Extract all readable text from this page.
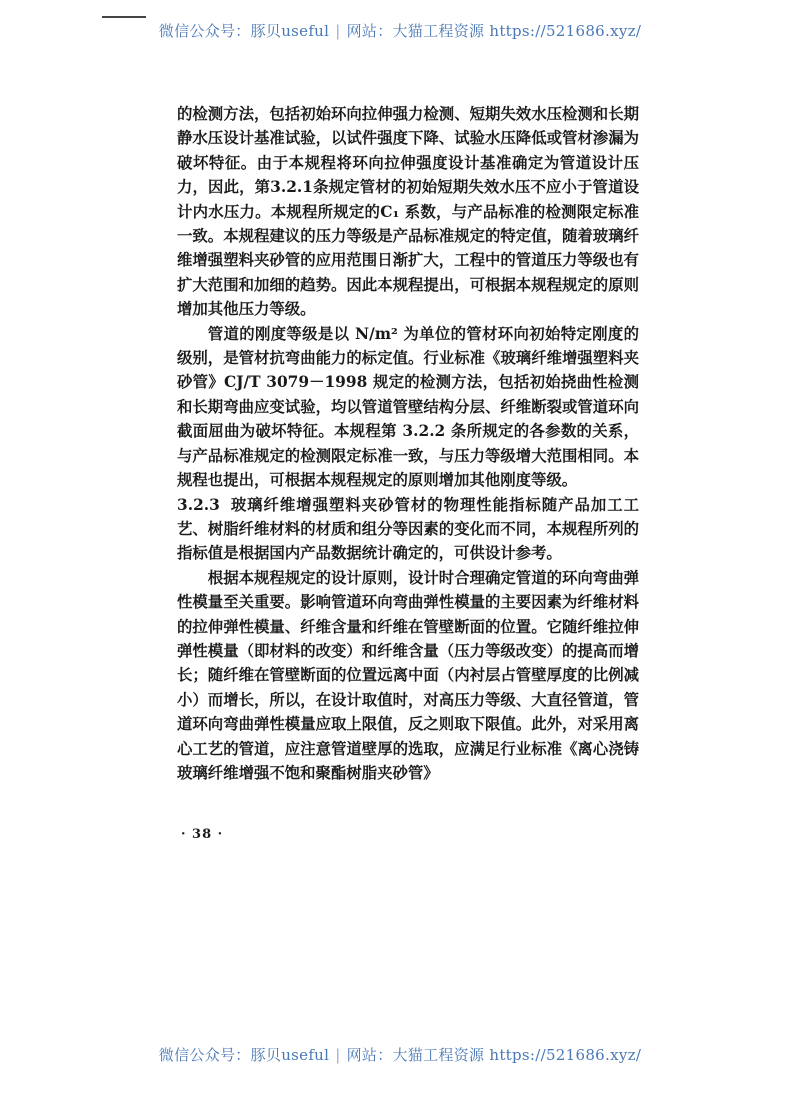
微信公众号：豚贝useful | 网站：大猫工程资源 https://521686.xyz/

的检测方法，包括初始环向拉伸强力检测、短期失效水压检测和长期静水压设计基准试验，以试件强度下降、试验水压降低或管材渗漏为破坏特征。由于本规程将环向拉伸强度设计基准确定为管道设计压力，因此，第3.2.1条规定管材的初始短期失效水压不应小于管道设计内水压力。本规程所规定的C₁ 系数，与产品标准的检测限定标准一致。本规程建议的压力等级是产品标准规定的特定值，随着玻璃纤维增强塑料夹砂管的应用范围日渐扩大，工程中的管道压力等级也有扩大范围和加细的趋势。因此本规程提出，可根据本规程规定的原则增加其他压力等级。

管道的刚度等级是以 N/m² 为单位的管材环向初始特定刚度的级别，是管材抗弯曲能力的标定值。行业标准《玻璃纤维增强塑料夹砂管》CJ/T 3079－1998 规定的检测方法，包括初始挠曲性检测和长期弯曲应变试验，均以管道管壁结构分层、纤维断裂或管道环向截面屈曲为破坏特征。本规程第 3.2.2 条所规定的各参数的关系，与产品标准规定的检测限定标准一致，与压力等级增大范围相同。本规程也提出，可根据本规程规定的原则增加其他刚度等级。

3.2.3 玻璃纤维增强塑料夹砂管材的物理性能指标随产品加工工艺、树脂纤维材料的材质和组分等因素的变化而不同，本规程所列的指标值是根据国内产品数据统计确定的，可供设计参考。

根据本规程规定的设计原则，设计时合理确定管道的环向弯曲弹性模量至关重要。影响管道环向弯曲弹性模量的主要因素为纤维材料的拉伸弹性模量、纤维含量和纤维在管壁断面的位置。它随纤维拉伸弹性模量（即材料的改变）和纤维含量（压力等级改变）的提高而增长；随纤维在管壁断面的位置远离中面（内衬层占管壁厚度的比例减小）而增长，所以，在设计取值时，对高压力等级、大直径管道，管道环向弯曲弹性模量应取上限值，反之则取下限值。此外，对采用离心工艺的管道，应注意管道壁厚的选取，应满足行业标准《离心浇铸玻璃纤维增强不饱和聚酯树脂夹砂管》

· 38 ·
微信公众号：豚贝useful | 网站：大猫工程资源 https://521686.xyz/
